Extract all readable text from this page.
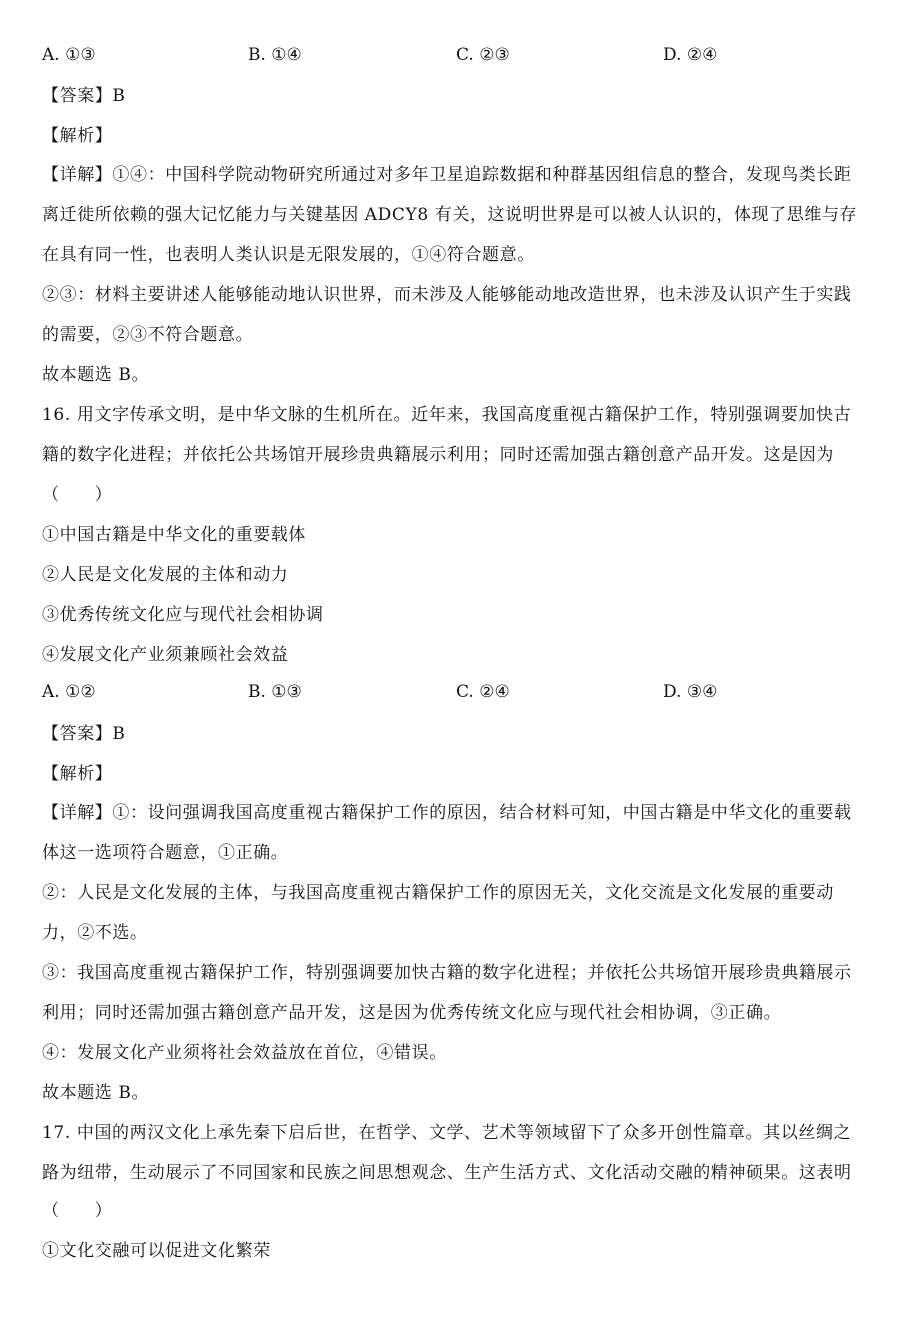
A. ①③	B. ①④	C. ②③	D. ②④
【答案】B
【解析】
【详解】①④：中国科学院动物研究所通过对多年卫星追踪数据和种群基因组信息的整合，发现鸟类长距
离迁徙所依赖的强大记忆能力与关键基因 ADCY8 有关，这说明世界是可以被人认识的，体现了思维与存
在具有同一性，也表明人类认识是无限发展的，①④符合题意。
②③：材料主要讲述人能够能动地认识世界，而未涉及人能够能动地改造世界，也未涉及认识产生于实践
的需要，②③不符合题意。
故本题选 B。
16. 用文字传承文明，是中华文脉的生机所在。近年来，我国高度重视古籍保护工作，特别强调要加快古
籍的数字化进程；并依托公共场馆开展珍贵典籍展示利用；同时还需加强古籍创意产品开发。这是因为
（　　）
①中国古籍是中华文化的重要载体
②人民是文化发展的主体和动力
③优秀传统文化应与现代社会相协调
④发展文化产业须兼顾社会效益
A. ①②	B. ①③	C. ②④	D. ③④
【答案】B
【解析】
【详解】①：设问强调我国高度重视古籍保护工作的原因，结合材料可知，中国古籍是中华文化的重要载
体这一选项符合题意，①正确。
②：人民是文化发展的主体，与我国高度重视古籍保护工作的原因无关，文化交流是文化发展的重要动
力，②不选。
③：我国高度重视古籍保护工作，特别强调要加快古籍的数字化进程；并依托公共场馆开展珍贵典籍展示
利用；同时还需加强古籍创意产品开发，这是因为优秀传统文化应与现代社会相协调，③正确。
④：发展文化产业须将社会效益放在首位，④错误。
故本题选 B。
17. 中国的两汉文化上承先秦下启后世，在哲学、文学、艺术等领域留下了众多开创性篇章。其以丝绸之
路为纽带，生动展示了不同国家和民族之间思想观念、生产生活方式、文化活动交融的精神硕果。这表明
（　　）
①文化交融可以促进文化繁荣
